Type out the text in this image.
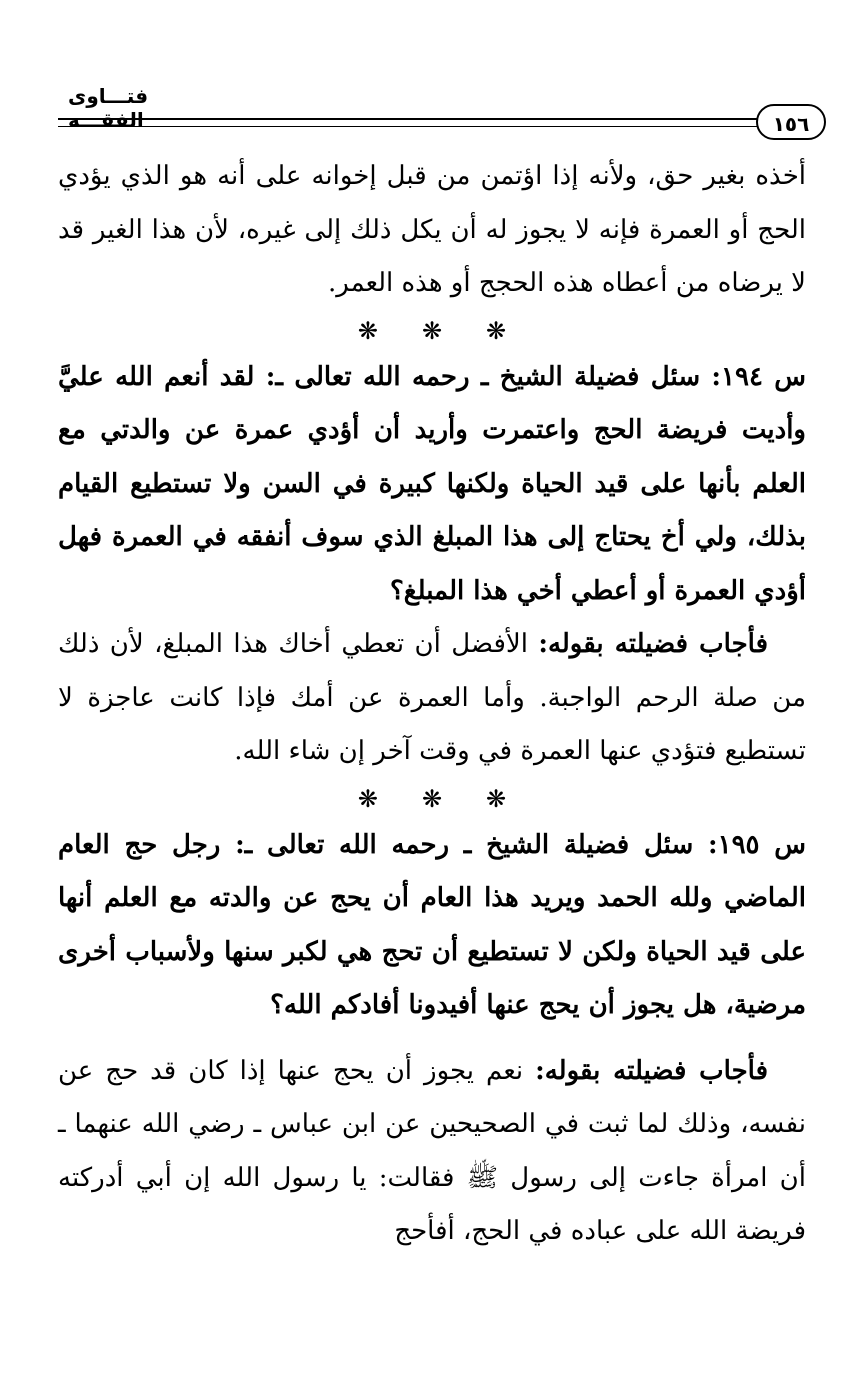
فتـــاوى الفقـــه	١٥٦

أخذه بغير حق، ولأنه إذا اؤتمن من قبل إخوانه على أنه هو الذي يؤدي الحج أو العمرة فإنه لا يجوز له أن يكل ذلك إلى غيره، لأن هذا الغير قد لا يرضاه من أعطاه هذه الحجج أو هذه العمر.

❋ ❋ ❋

س ١٩٤: سئل فضيلة الشيخ ـ رحمه الله تعالى ـ: لقد أنعم الله عليَّ وأديت فريضة الحج واعتمرت وأريد أن أؤدي عمرة عن والدتي مع العلم بأنها على قيد الحياة ولكنها كبيرة في السن ولا تستطيع القيام بذلك، ولي أخ يحتاج إلى هذا المبلغ الذي سوف أنفقه في العمرة فهل أؤدي العمرة أو أعطي أخي هذا المبلغ؟

فأجاب فضيلته بقوله: الأفضل أن تعطي أخاك هذا المبلغ، لأن ذلك من صلة الرحم الواجبة. وأما العمرة عن أمك فإذا كانت عاجزة لا تستطيع فتؤدي عنها العمرة في وقت آخر إن شاء الله.

❋ ❋ ❋

س ١٩٥: سئل فضيلة الشيخ ـ رحمه الله تعالى ـ: رجل حج العام الماضي ولله الحمد ويريد هذا العام أن يحج عن والدته مع العلم أنها على قيد الحياة ولكن لا تستطيع أن تحج هي لكبر سنها ولأسباب أخرى مرضية، هل يجوز أن يحج عنها أفيدونا أفادكم الله؟

فأجاب فضيلته بقوله: نعم يجوز أن يحج عنها إذا كان قد حج عن نفسه، وذلك لما ثبت في الصحيحين عن ابن عباس ـ رضي الله عنهما ـ أن امرأة جاءت إلى رسول ﷺ فقالت: يا رسول الله إن أبي أدركته فريضة الله على عباده في الحج، أفأحج
